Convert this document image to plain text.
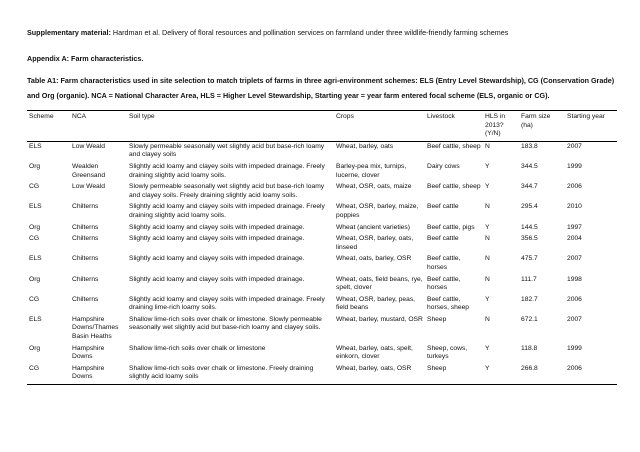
Supplementary material: Hardman et al. Delivery of floral resources and pollination services on farmland under three wildlife-friendly farming schemes
Appendix A: Farm characteristics.
Table A1: Farm characteristics used in site selection to match triplets of farms in three agri-environment schemes: ELS (Entry Level Stewardship), CG (Conservation Grade) and Org (organic). NCA = National Character Area, HLS = Higher Level Stewardship, Starting year = year farm entered focal scheme (ELS, organic or CG).
Scheme	NCA	Soil type	Crops	Livestock	HLS in 2013? (Y/N)	Farm size (ha)	Starting year
ELS	Low Weald	Slowly permeable seasonally wet slightly acid but base-rich loamy and clayey soils	Wheat, barley, oats	Beef cattle, sheep	N	183.8	2007
Org	Wealden Greensand	Slightly acid loamy and clayey soils with impeded drainage. Freely draining slightly acid loamy soils.	Barley-pea mix, turnips, lucerne, clover	Dairy cows	Y	344.5	1999
CG	Low Weald	Slowly permeable seasonally wet slightly acid but base-rich loamy and clayey soils. Freely draining slightly acid loamy soils.	Wheat, OSR, oats, maize	Beef cattle, sheep	Y	344.7	2006
ELS	Chilterns	Slightly acid loamy and clayey soils with impeded drainage. Freely draining slightly acid loamy soils.	Wheat, OSR, barley, maize, poppies	Beef cattle	N	295.4	2010
Org	Chilterns	Slightly acid loamy and clayey soils with impeded drainage.	Wheat (ancient varieties)	Beef cattle, pigs	Y	144.5	1997
CG	Chilterns	Slightly acid loamy and clayey soils with impeded drainage.	Wheat, OSR, barley, oats, linseed	Beef cattle	N	356.5	2004
ELS	Chilterns	Slightly acid loamy and clayey soils with impeded drainage.	Wheat, oats, barley, OSR	Beef cattle, horses	N	475.7	2007
Org	Chilterns	Slightly acid loamy and clayey soils with impeded drainage.	Wheat, oats, field beans, rye, spelt, clover	Beef cattle, horses	N	111.7	1998
CG	Chilterns	Slightly acid loamy and clayey soils with impeded drainage. Freely draining lime-rich loamy soils.	Wheat, OSR, barley, peas, field beans	Beef cattle, horses, sheep	Y	182.7	2006
ELS	Hampshire Downs/Thames Basin Heaths	Shallow lime-rich soils over chalk or limestone. Slowly permeable seasonally wet slightly acid but base-rich loamy and clayey soils.	Wheat, barley, mustard, OSR	Sheep	N	672.1	2007
Org	Hampshire Downs	Shallow lime-rich soils over chalk or limestone	Wheat, barley, oats, spelt, einkorn, clover	Sheep, cows, turkeys	Y	118.8	1999
CG	Hampshire Downs	Shallow lime-rich soils over chalk or limestone. Freely draining slightly acid loamy soils	Wheat, barley, oats, OSR	Sheep	Y	266.8	2006
